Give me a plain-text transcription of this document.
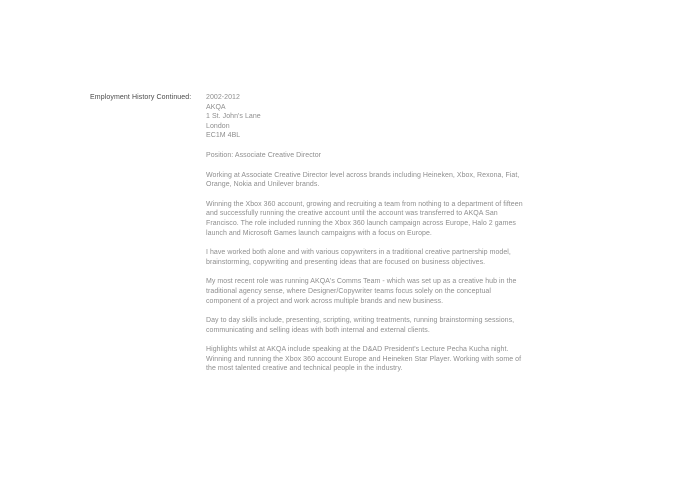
Employment History Continued: 2002-2012
AKQA
1 St. John's Lane
London
EC1M 4BL

Position: Associate Creative Director

Working at Associate Creative Director level across brands including Heineken, Xbox, Rexona, Fiat, Orange, Nokia and Unilever brands.

Winning the Xbox 360 account, growing and recruiting a team from nothing to a department of fifteen and successfully running the creative account until the account was transferred to AKQA San Francisco. The role included running the Xbox 360 launch campaign across Europe, Halo 2 games launch and Microsoft Games launch campaigns with a focus on Europe.

I have worked both alone and with various copywriters in a traditional creative partnership model, brainstorming, copywriting and presenting ideas that are focused on business objectives.

My most recent role was running AKQA's Comms Team - which was set up as a creative hub in the traditional agency sense, where Designer/Copywriter teams focus solely on the conceptual component of a project and work across multiple brands and new business.

Day to day skills include, presenting, scripting, writing treatments, running brainstorming sessions, communicating and selling ideas with both internal and external clients.

Highlights whilst at AKQA include speaking at the D&AD President's Lecture Pecha Kucha night. Winning and running the Xbox 360 account Europe and Heineken Star Player. Working with some of the most talented creative and technical people in the industry.
